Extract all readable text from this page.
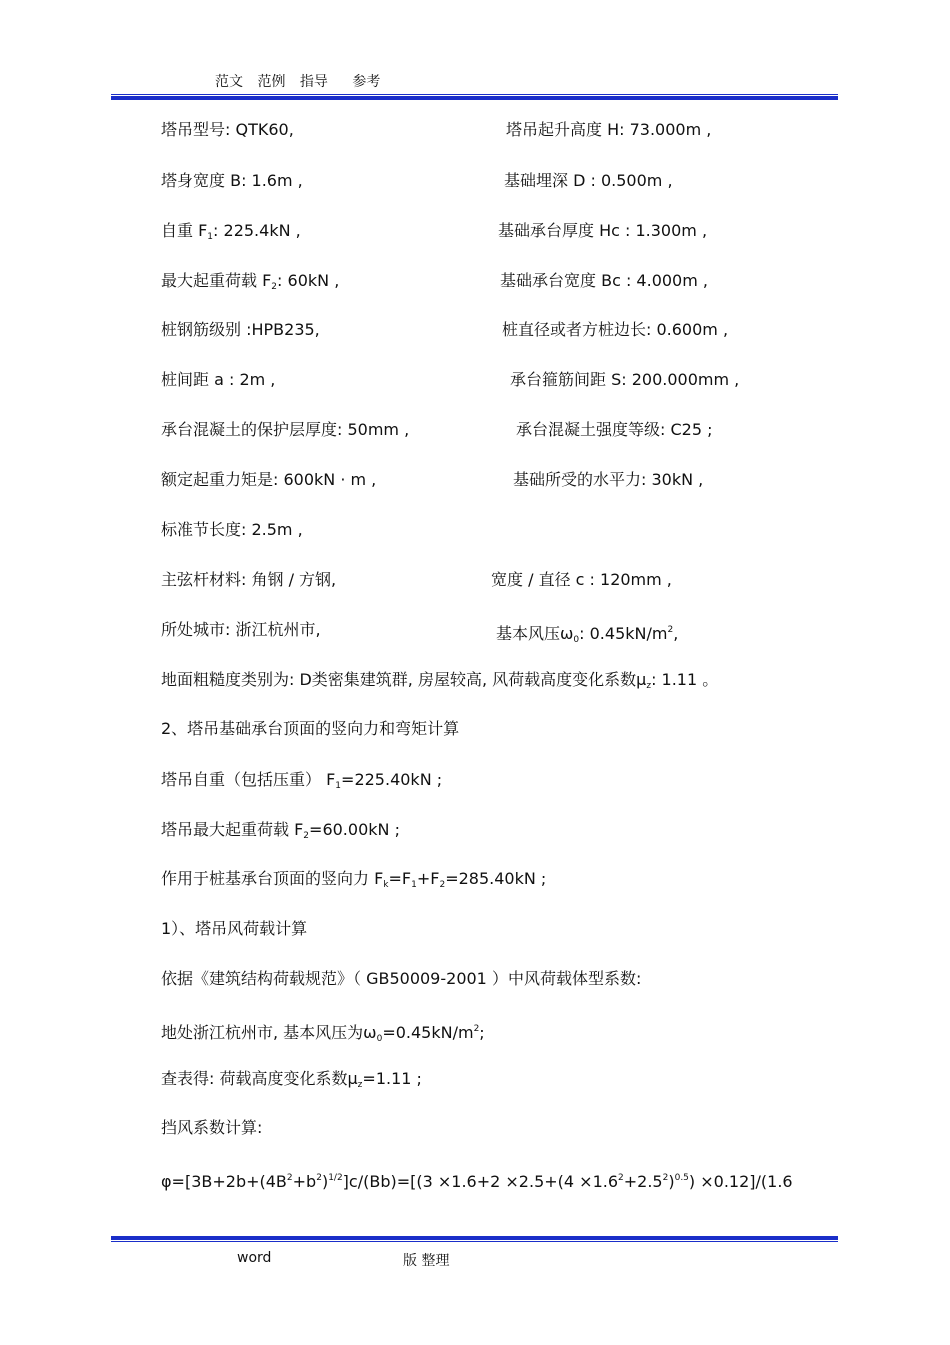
范文 范例 指导 参考
塔吊型号: QTK60,	塔吊起升高度 H: 73.000m ,
塔身宽度 B: 1.6m ,	基础埋深 D : 0.500m ,
自重 $F_1$: 225.4kN ,	基础承台厚度 Hc : 1.300m ,
最大起重荷载 $F_2$: 60kN ,	基础承台宽度 Bc : 4.000m ,
桩钢筋级别 :HPB235,	桩直径或者方桩边长: 0.600m ,
桩间距 a : 2m ,	承台箍筋间距 S: 200.000mm ,
承台混凝土的保护层厚度: 50mm ,	承台混凝土强度等级: C25 ;
额定起重力矩是: 600kN · m ,	基础所受的水平力: 30kN ,
标准节长度: 2.5m ,
主弦杆材料: 角钢 / 方钢,	宽度 / 直径 c : 120mm ,
所处城市: 浙江杭州市,	基本风压$\omega_0$: $0.45kN/m^2$,
地面粗糙度类别为: D类密集建筑群, 房屋较高, 风荷载高度变化系数$\mu_z$: 1.11 。
2、塔吊基础承台顶面的竖向力和弯矩计算
塔吊自重（包括压重） $F_1=225.40kN$ ;
塔吊最大起重荷载 $F_2=60.00kN$ ;
作用于桩基承台顶面的竖向力 $F_k=F_1+F_2=285.40kN$ ;
1）、塔吊风荷载计算
依据《建筑结构荷载规范》（ GB50009-2001 ）中风荷载体型系数:
地处浙江杭州市, 基本风压为$\omega_0=0.45kN/m^2$;
查表得: 荷载高度变化系数$\mu_z=1.11$ ;
挡风系数计算:
$\varphi=[3B+2b+(4B^2+b^2)^{1/2}]c/(Bb)=[(3 \times 1.6+2 \times 2.5+(4 \times 1.6^2+2.5^2)^{0.5}) \times 0.12]/(1.6$
word	版 整理
